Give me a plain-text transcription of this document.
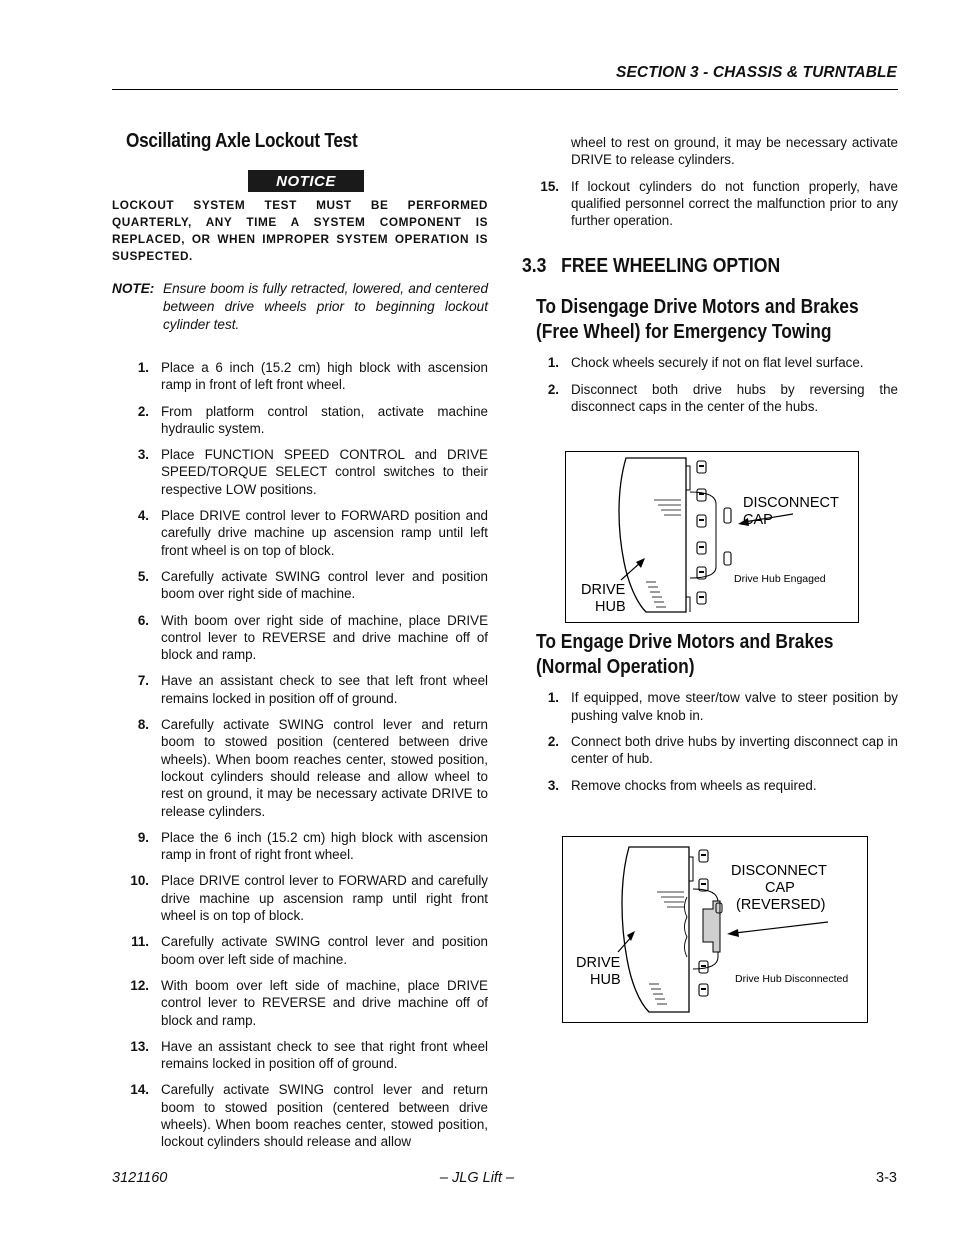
SECTION 3 - CHASSIS & TURNTABLE
Oscillating Axle Lockout Test
NOTICE
LOCKOUT SYSTEM TEST MUST BE PERFORMED QUARTERLY, ANY TIME A SYSTEM COMPONENT IS REPLACED, OR WHEN IMPROPER SYSTEM OPERATION IS SUSPECTED.
NOTE: Ensure boom is fully retracted, lowered, and centered between drive wheels prior to beginning lockout cylinder test.
1. Place a 6 inch (15.2 cm) high block with ascension ramp in front of left front wheel.
2. From platform control station, activate machine hydraulic system.
3. Place FUNCTION SPEED CONTROL and DRIVE SPEED/TORQUE SELECT control switches to their respective LOW positions.
4. Place DRIVE control lever to FORWARD position and carefully drive machine up ascension ramp until left front wheel is on top of block.
5. Carefully activate SWING control lever and position boom over right side of machine.
6. With boom over right side of machine, place DRIVE control lever to REVERSE and drive machine off of block and ramp.
7. Have an assistant check to see that left front wheel remains locked in position off of ground.
8. Carefully activate SWING control lever and return boom to stowed position (centered between drive wheels). When boom reaches center, stowed position, lockout cylinders should release and allow wheel to rest on ground, it may be necessary activate DRIVE to release cylinders.
9. Place the 6 inch (15.2 cm) high block with ascension ramp in front of right front wheel.
10. Place DRIVE control lever to FORWARD and carefully drive machine up ascension ramp until right front wheel is on top of block.
11. Carefully activate SWING control lever and position boom over left side of machine.
12. With boom over left side of machine, place DRIVE control lever to REVERSE and drive machine off of block and ramp.
13. Have an assistant check to see that right front wheel remains locked in position off of ground.
14. Carefully activate SWING control lever and return boom to stowed position (centered between drive wheels). When boom reaches center, stowed position, lockout cylinders should release and allow
wheel to rest on ground, it may be necessary activate DRIVE to release cylinders.
15. If lockout cylinders do not function properly, have qualified personnel correct the malfunction prior to any further operation.
3.3   FREE WHEELING OPTION
To Disengage Drive Motors and Brakes (Free Wheel) for Emergency Towing
1. Chock wheels securely if not on flat level surface.
2. Disconnect both drive hubs by reversing the disconnect caps in the center of the hubs.
To Engage Drive Motors and Brakes (Normal Operation)
1. If equipped, move steer/tow valve to steer position by pushing valve knob in.
2. Connect both drive hubs by inverting disconnect cap in center of hub.
3. Remove chocks from wheels as required.
DISCONNECT
CAP
DRIVE
HUB
Drive Hub Engaged
DISCONNECT
CAP
(REVERSED)
DRIVE
HUB	Drive Hub Disconnected
3121160	– JLG Lift –	3-3
